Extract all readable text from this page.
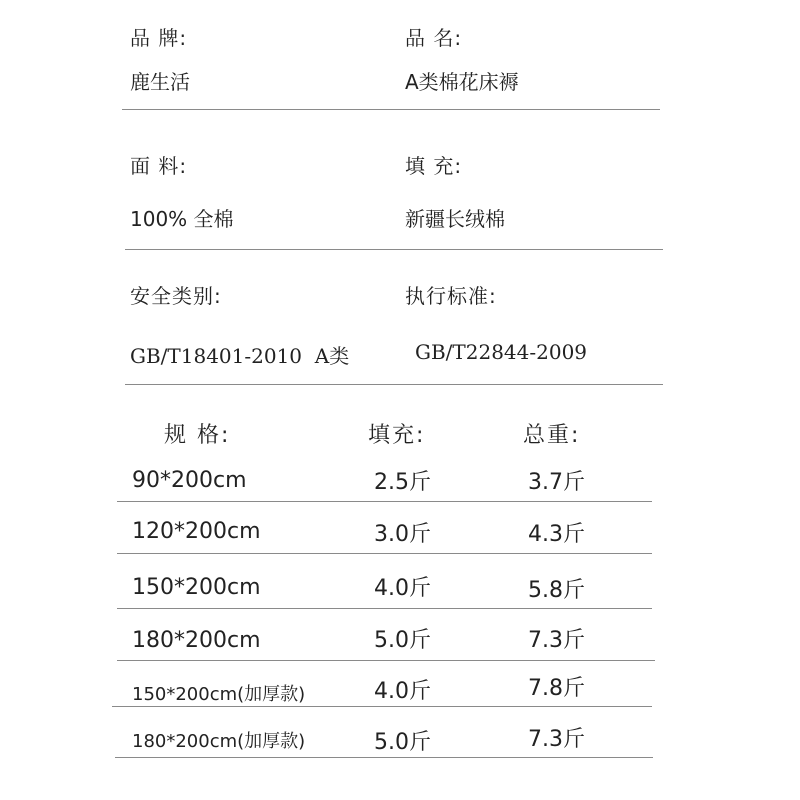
品 牌:	品 名:
鹿生活	A类棉花床褥
面 料:	填 充:
100% 全棉	新疆长绒棉
安全类别:	执行标准:
GB/T18401-2010  A类	GB/T22844-2009
规 格:	填充:	总重:
90*200cm	2.5斤	3.7斤
120*200cm	3.0斤	4.3斤
150*200cm	4.0斤	5.8斤
180*200cm	5.0斤	7.3斤
150*200cm(加厚款)	4.0斤	7.8斤
180*200cm(加厚款)	5.0斤	7.3斤
